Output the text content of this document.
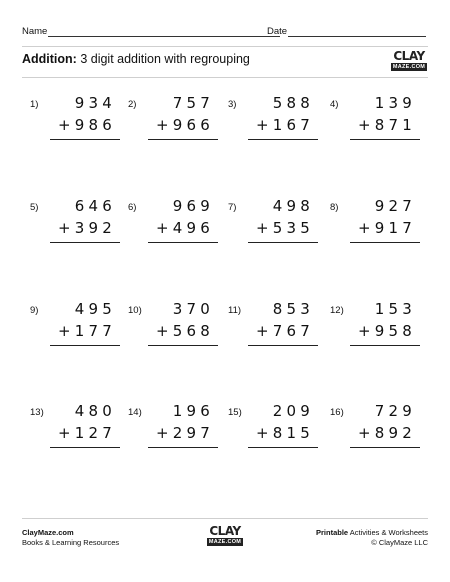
Name	Date
Addition: 3 digit addition with regrouping	CLAY
MAZE.COM
1) 934
+986
2) 757
+966
3) 588
+167
4) 139
+871
5) 646
+392
6) 969
+496
7) 498
+535
8) 927
+917
9) 495
+177
10) 370
+568
11) 853
+767
12) 153
+958
13) 480
+127
14) 196
+297
15) 209
+815
16) 729
+892
ClayMaze.com
Books & Learning Resources
CLAY
MAZE.COM
Printable Activities & Worksheets
© ClayMaze LLC
